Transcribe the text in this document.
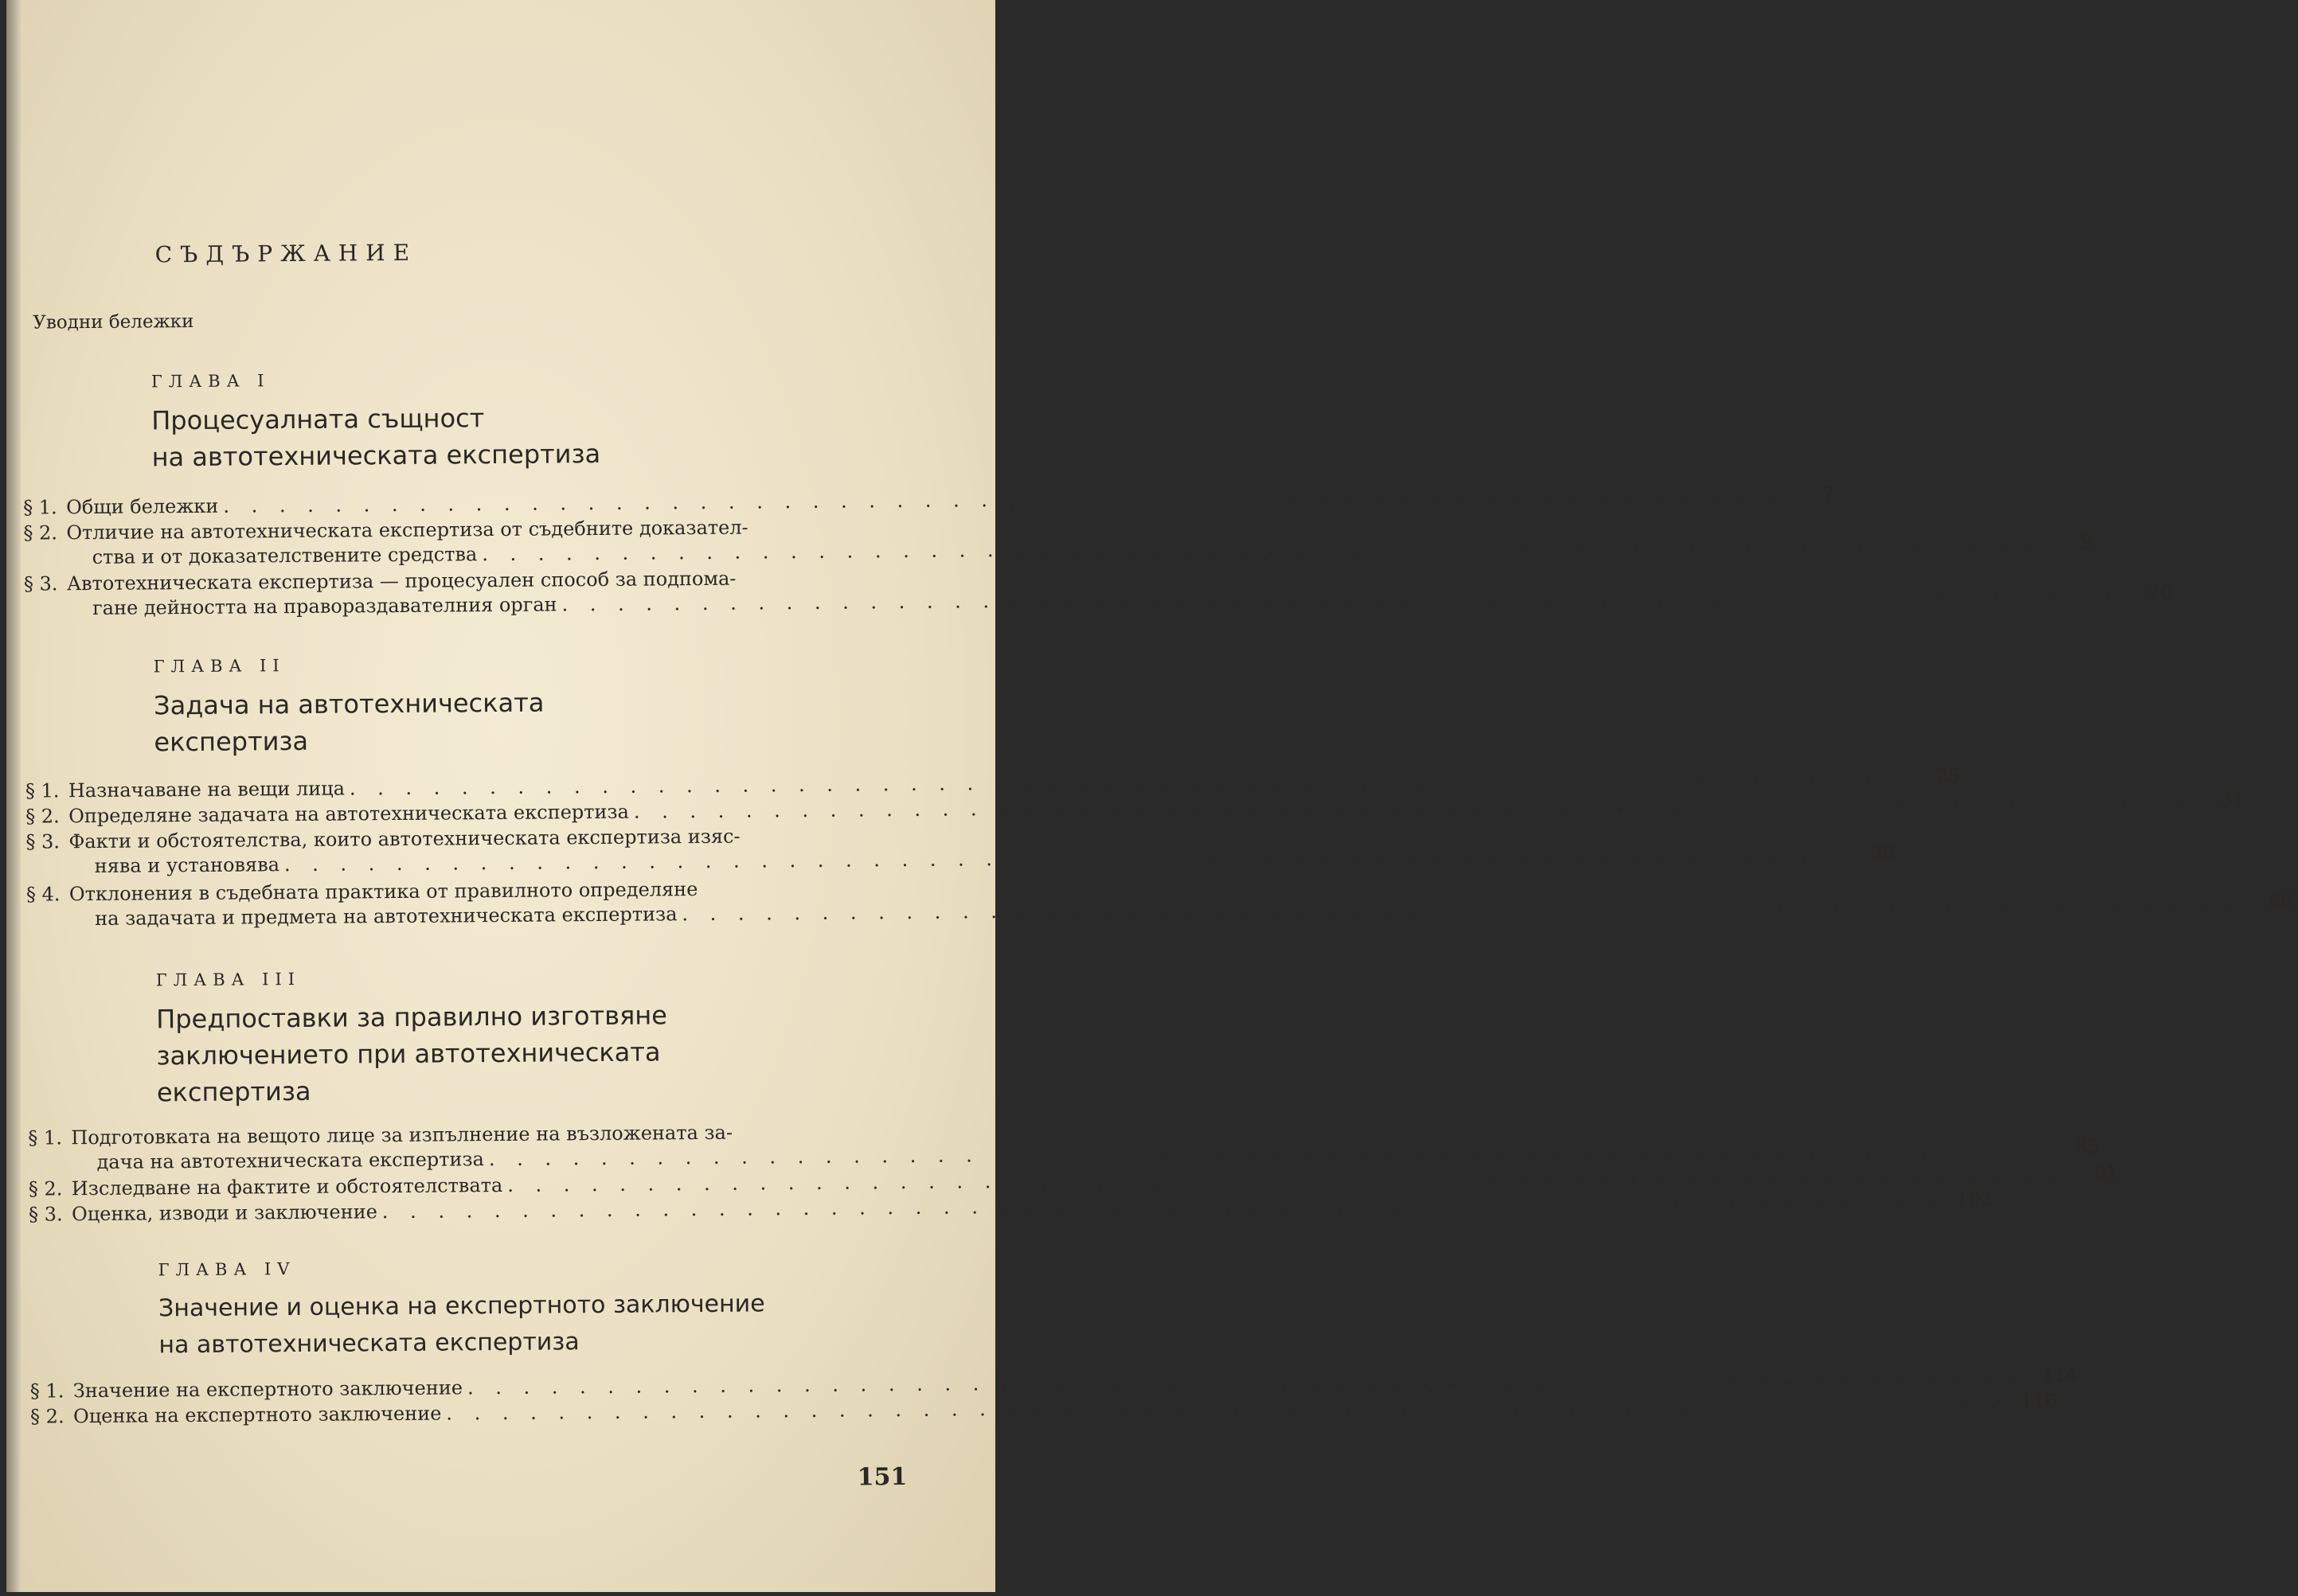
СЪДЪРЖАНИЕ
Уводни бележки
ГЛАВА I
Процесуалната същност
на автотехническата експертиза
§ 1. Общи бележки
. . .
7
§ 2. Отличие на автотехническата експертиза от съдебните доказател-
ства и от доказателствените средства
. . .
9
§ 3. Автотехническата експертиза — процесуален способ за подпома-
гане дейността на правораздавателния орган
. . .
20
ГЛАВА II
Задача на автотехническата
експертиза
§ 1. Назначаване на вещи лица
. . .
25
§ 2. Определяне задачата на автотехническата експертиза
. . .
31
§ 3. Факти и обстоятелства, които автотехническата експертиза изяс-
нява и установява
. . .
38
§ 4. Отклонения в съдебната практика от правилното определяне
на задачата и предмета на автотехническата експертиза
. . .
66
ГЛАВА III
Предпоставки за правилно изготвяне
заключението при автотехническата
експертиза
§ 1. Подготовката на вещото лице за изпълнение на възложената за-
дача на автотехническата експертиза
. . .
85
§ 2. Изследване на фактите и обстоятелствата
. . .
91
§ 3. Оценка, изводи и заключение
. . .
102
ГЛАВА IV
Значение и оценка на експертното заключение
на автотехническата експертиза
§ 1. Значение на експертното заключение
. . .
114
§ 2. Оценка на експертното заключение
. . .
116
151
